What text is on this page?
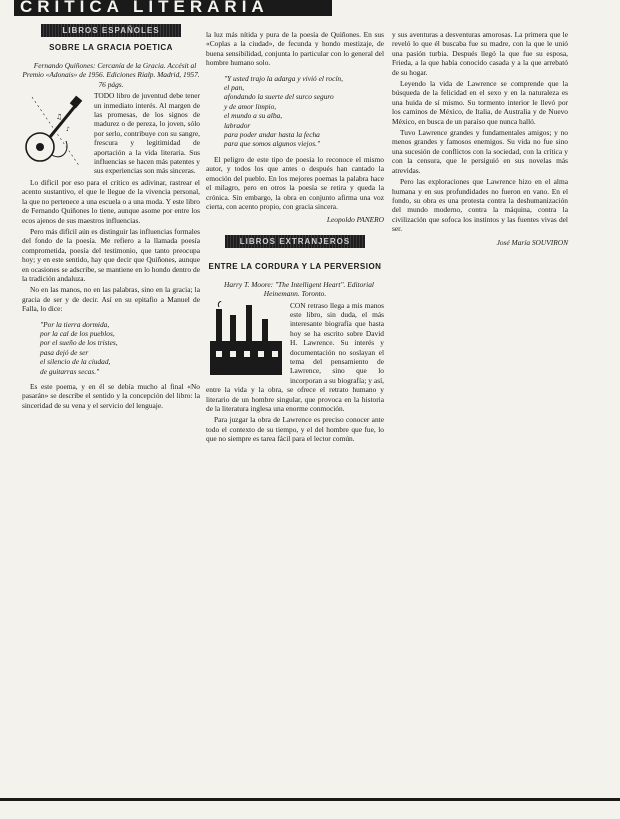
CRITICA LITERARIA
LIBROS ESPAÑOLES
SOBRE LA GRACIA POETICA

Fernando Quiñones: Cercanía de la Gracia. Accésit al Premio «Adonais» de 1956. Ediciones Rialp. Madrid, 1957. 76 págs.

♪
♫

TODO libro de juventud debe tener un inmediato interés. Al margen de las promesas, de los signos de madurez o de pereza, lo joven, sólo por serlo, contribuye con su sangre, frescura y legitimidad de aportación a la vida literaria. Sus influencias se hacen más patentes y sus experiencias son más sinceras.

Lo difícil por eso para el crítico es adivinar, rastrear el acento sustantivo, el que le llegue de la vivencia personal, la que no pertenece a una escuela o a una moda. Y este libro de Fernando Quiñones lo tiene, aunque asome por entre los ecos ajenos de sus maestros influencias.

Pero más difícil aún es distinguir las influencias formales del fondo de la poesía. Me refiero a la llamada poesía comprometida, poesía del testimonio, que tanto preocupa hoy; y en este sentido, hay que decir que Quiñones, aunque en ocasiones se adscribe, se mantiene en lo hondo dentro de la tradición andaluza.

No en las manos, no en las palabras, sino en la gracia; la gracia de ser y de decir. Así en su epitafio a Manuel de Falla, lo dice:

"Por la tierra dormida,
por la cal de los pueblos,
por el sueño de los tristes,
pasa dejó de ser
el silencio de la ciudad,
de guitarras secas."

Es este poema, y en él se debía mucho al final «No pasarán» se describe el sentido y la concepción del libro: la sinceridad de su vena y el servicio del lenguaje.

la luz más nítida y pura de la poesía de Quiñones. En sus «Coplas a la ciudad», de fecunda y hondo mestizaje, de buena sensibilidad, conjunta lo particular con lo general del hombre humano solo.

"Y usted trajo la adarga y vivió el rocín,
el pan,
afondando la suerte del surco seguro
y de amor limpio,
el mundo a su alba,
labrador
para poder andar hasta la fecha
para que somos algunos viejos."

El peligro de este tipo de poesía lo reconoce el mismo autor, y todos los que antes o después han cantado la emoción del pueblo. En los mejores poemas la palabra hace el milagro, pero en otros la poesía se retira y queda la crónica. Sin embargo, la obra en conjunto afirma una voz cierta, con acento propio, con gracia sincera.

Leopoldo PANERO
LIBROS EXTRANJEROS
ENTRE LA CORDURA Y LA PERVERSION

Harry T. Moore: "The Intelligent Heart". Editorial Heinemann. Toronto.

CON retraso llega a mis manos este libro, sin duda, el más interesante biografía que hasta hoy se ha escrito sobre David H. Lawrence. Su interés y documentación no soslayan el tema del pensamiento de Lawrence, sino que lo incorporan a su biografía; y así, entre la vida y la obra, se ofrece el retrato humano y literario de un hombre singular, que provoca en la historia de la literatura inglesa una enorme conmoción.

Para juzgar la obra de Lawrence es preciso conocer ante todo el contexto de su tiempo, y el del hombre que fue, lo que no siempre es tarea fácil para el lector común.

y sus aventuras a desventuras amorosas. La primera que le reveló lo que él buscaba fue su madre, con la que le unió una pasión turbia. Después llegó la que fue su esposa, Frieda, a la que había conocido casada y a la que arrebató de su hogar.

Leyendo la vida de Lawrence se comprende que la búsqueda de la felicidad en el sexo y en la naturaleza es una huida de sí mismo. Su tormento interior le llevó por los caminos de México, de Italia, de Australia y de Nuevo México, en busca de un paraíso que nunca halló.

Tuvo Lawrence grandes y fundamentales amigos; y no menos grandes y famosos enemigos. Su vida no fue sino una sucesión de conflictos con la sociedad, con la crítica y con la censura, que le persiguió en sus novelas más atrevidas.

Pero las exploraciones que Lawrence hizo en el alma humana y en sus profundidades no fueron en vano. En el fondo, su obra es una protesta contra la deshumanización del mundo moderno, contra la máquina, contra la civilización que sofoca los instintos y las fuentes vivas del ser.

José María SOUVIRON
